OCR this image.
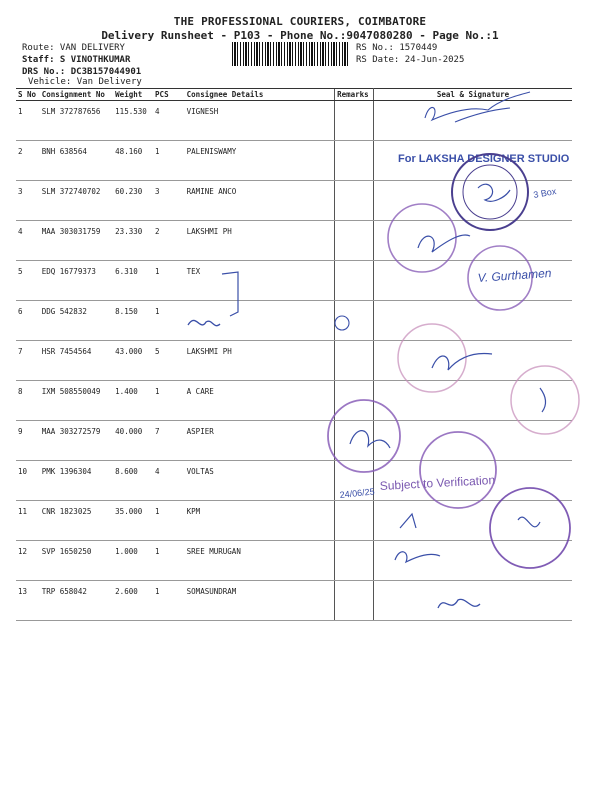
THE PROFESSIONAL COURIERS, COIMBATORE
Delivery Runsheet - P103 - Phone No.:9047080280 - Page No.:1
Route: VAN DELIVERY
Staff: S VINOTHKUMAR
DRS No.: DC3B157044901
Vehicle: Van Delivery
RS No.: 1570449
RS Date: 24-Jun-2025
S No	Consignment No	Weight	PCS	Consignee Details	Remarks	Seal & Signature
1	SLM 372787656	115.530	4	VIGNESH		
2	BNH 638564	48.160	1	PALENISWAMY		
3	SLM 372740702	60.230	3	RAMINE ANCO		
4	MAA 303031759	23.330	2	LAKSHMI PH		
5	EDQ 16779373	6.310	1	TEX		
6	DDG 542832	8.150	1			
7	HSR 7454564	43.000	5	LAKSHMI PH		
8	IXM 508550049	1.400	1	A CARE		
9	MAA 303272579	40.000	7	ASPIER		
10	PMK 1396304	8.600	4	VOLTAS		
11	CNR 1823025	35.000	1	KPM		
12	SVP 1650250	1.000	1	SREE MURUGAN		
13	TRP 658042	2.600	1	SOMASUNDRAM		
For LAKSHA DESIGNER STUDIO
3 Box
V. Gurthamen
24/06/25
Subject to Verification
